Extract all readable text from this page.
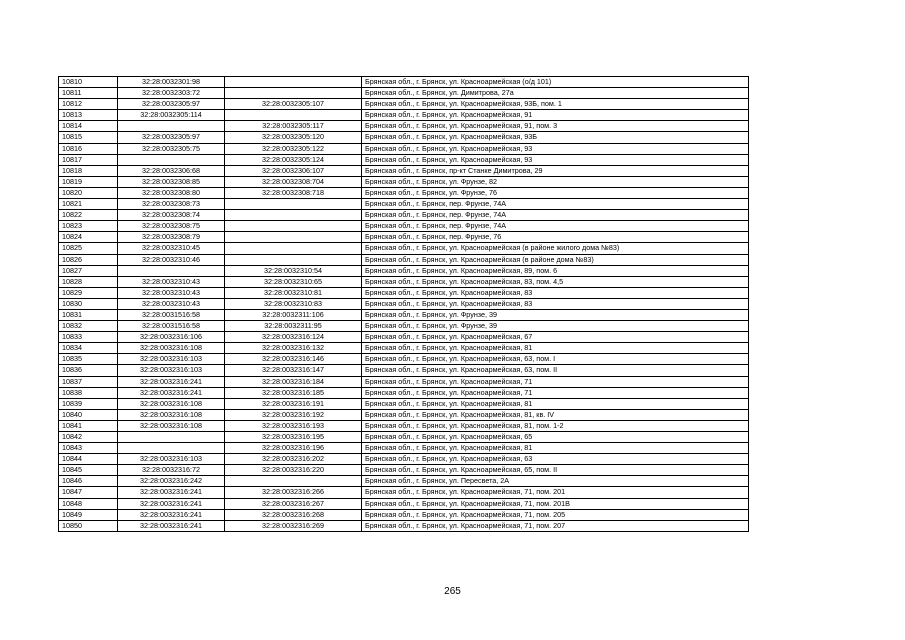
10810	32:28:0032301:98		Брянская обл., г. Брянск, ул. Красноармейская (о/д 101)
10811	32:28:0032303:72		Брянская обл., г. Брянск, ул. Димитрова, 27а
10812	32:28:0032305:97	32:28:0032305:107	Брянская обл., г. Брянск, ул. Красноармейская, 93Б, пом. 1
10813	32:28:0032305:114		Брянская обл., г. Брянск, ул. Красноармейская, 91
10814		32:28:0032305:117	Брянская обл., г. Брянск, ул. Красноармейская, 91, пом. 3
10815	32:28:0032305:97	32:28:0032305:120	Брянская обл., г. Брянск, ул. Красноармейская, 93Б
10816	32:28:0032305:75	32:28:0032305:122	Брянская обл., г. Брянск, ул. Красноармейская, 93
10817		32:28:0032305:124	Брянская обл., г. Брянск, ул. Красноармейская, 93
10818	32:28:0032306:68	32:28:0032306:107	Брянская обл., г. Брянск, пр-кт Станке Димитрова, 29
10819	32:28:0032308:85	32:28:0032308:704	Брянская обл., г. Брянск, ул. Фрунзе, 82
10820	32:28:0032308:80	32:28:0032308:718	Брянская обл., г. Брянск, ул. Фрунзе, 76
10821	32:28:0032308:73		Брянская обл., г. Брянск, пер. Фрунзе, 74А
10822	32:28:0032308:74		Брянская обл., г. Брянск, пер. Фрунзе, 74А
10823	32:28:0032308:75		Брянская обл., г. Брянск, пер. Фрунзе, 74А
10824	32:28:0032308:79		Брянская обл., г. Брянск, пер. Фрунзе, 76
10825	32:28:0032310:45		Брянская обл., г. Брянск, ул. Красноармейская (в районе жилого дома №83)
10826	32:28:0032310:46		Брянская обл., г. Брянск, ул. Красноармейская (в районе дома №83)
10827		32:28:0032310:54	Брянская обл., г. Брянск, ул. Красноармейская, 89, пом. 6
10828	32:28:0032310:43	32:28:0032310:65	Брянская обл., г. Брянск, ул. Красноармейская, 83, пом. 4,5
10829	32:28:0032310:43	32:28:0032310:81	Брянская обл., г. Брянск, ул. Красноармейская, 83
10830	32:28:0032310:43	32:28:0032310:83	Брянская обл., г. Брянск, ул. Красноармейская, 83
10831	32:28:0031516:58	32:28:0032311:106	Брянская обл., г. Брянск, ул. Фрунзе, 39
10832	32:28:0031516:58	32:28:0032311:95	Брянская обл., г. Брянск, ул. Фрунзе, 39
10833	32:28:0032316:106	32:28:0032316:124	Брянская обл., г. Брянск, ул. Красноармейская, 67
10834	32:28:0032316:108	32:28:0032316:132	Брянская обл., г. Брянск, ул. Красноармейская, 81
10835	32:28:0032316:103	32:28:0032316:146	Брянская обл., г. Брянск, ул. Красноармейская, 63, пом. I
10836	32:28:0032316:103	32:28:0032316:147	Брянская обл., г. Брянск, ул. Красноармейская, 63, пом. II
10837	32:28:0032316:241	32:28:0032316:184	Брянская обл., г. Брянск, ул. Красноармейская, 71
10838	32:28:0032316:241	32:28:0032316:185	Брянская обл., г. Брянск, ул. Красноармейская, 71
10839	32:28:0032316:108	32:28:0032316:191	Брянская обл., г. Брянск, ул. Красноармейская, 81
10840	32:28:0032316:108	32:28:0032316:192	Брянская обл., г. Брянск, ул. Красноармейская, 81, кв. IV
10841	32:28:0032316:108	32:28:0032316:193	Брянская обл., г. Брянск, ул. Красноармейская, 81, пом. 1-2
10842		32:28:0032316:195	Брянская обл., г. Брянск, ул. Красноармейская, 65
10843		32:28:0032316:196	Брянская обл., г. Брянск, ул. Красноармейская, 81
10844	32:28:0032316:103	32:28:0032316:202	Брянская обл., г. Брянск, ул. Красноармейская, 63
10845	32:28:0032316:72	32:28:0032316:220	Брянская обл., г. Брянск, ул. Красноармейская, 65, пом. II
10846	32:28:0032316:242		Брянская обл., г. Брянск, ул. Пересвета, 2А
10847	32:28:0032316:241	32:28:0032316:266	Брянская обл., г. Брянск, ул. Красноармейская, 71, пом. 201
10848	32:28:0032316:241	32:28:0032316:267	Брянская обл., г. Брянск, ул. Красноармейская, 71, пом. 201В
10849	32:28:0032316:241	32:28:0032316:268	Брянская обл., г. Брянск, ул. Красноармейская, 71, пом. 205
10850	32:28:0032316:241	32:28:0032316:269	Брянская обл., г. Брянск, ул. Красноармейская, 71, пом. 207
265
